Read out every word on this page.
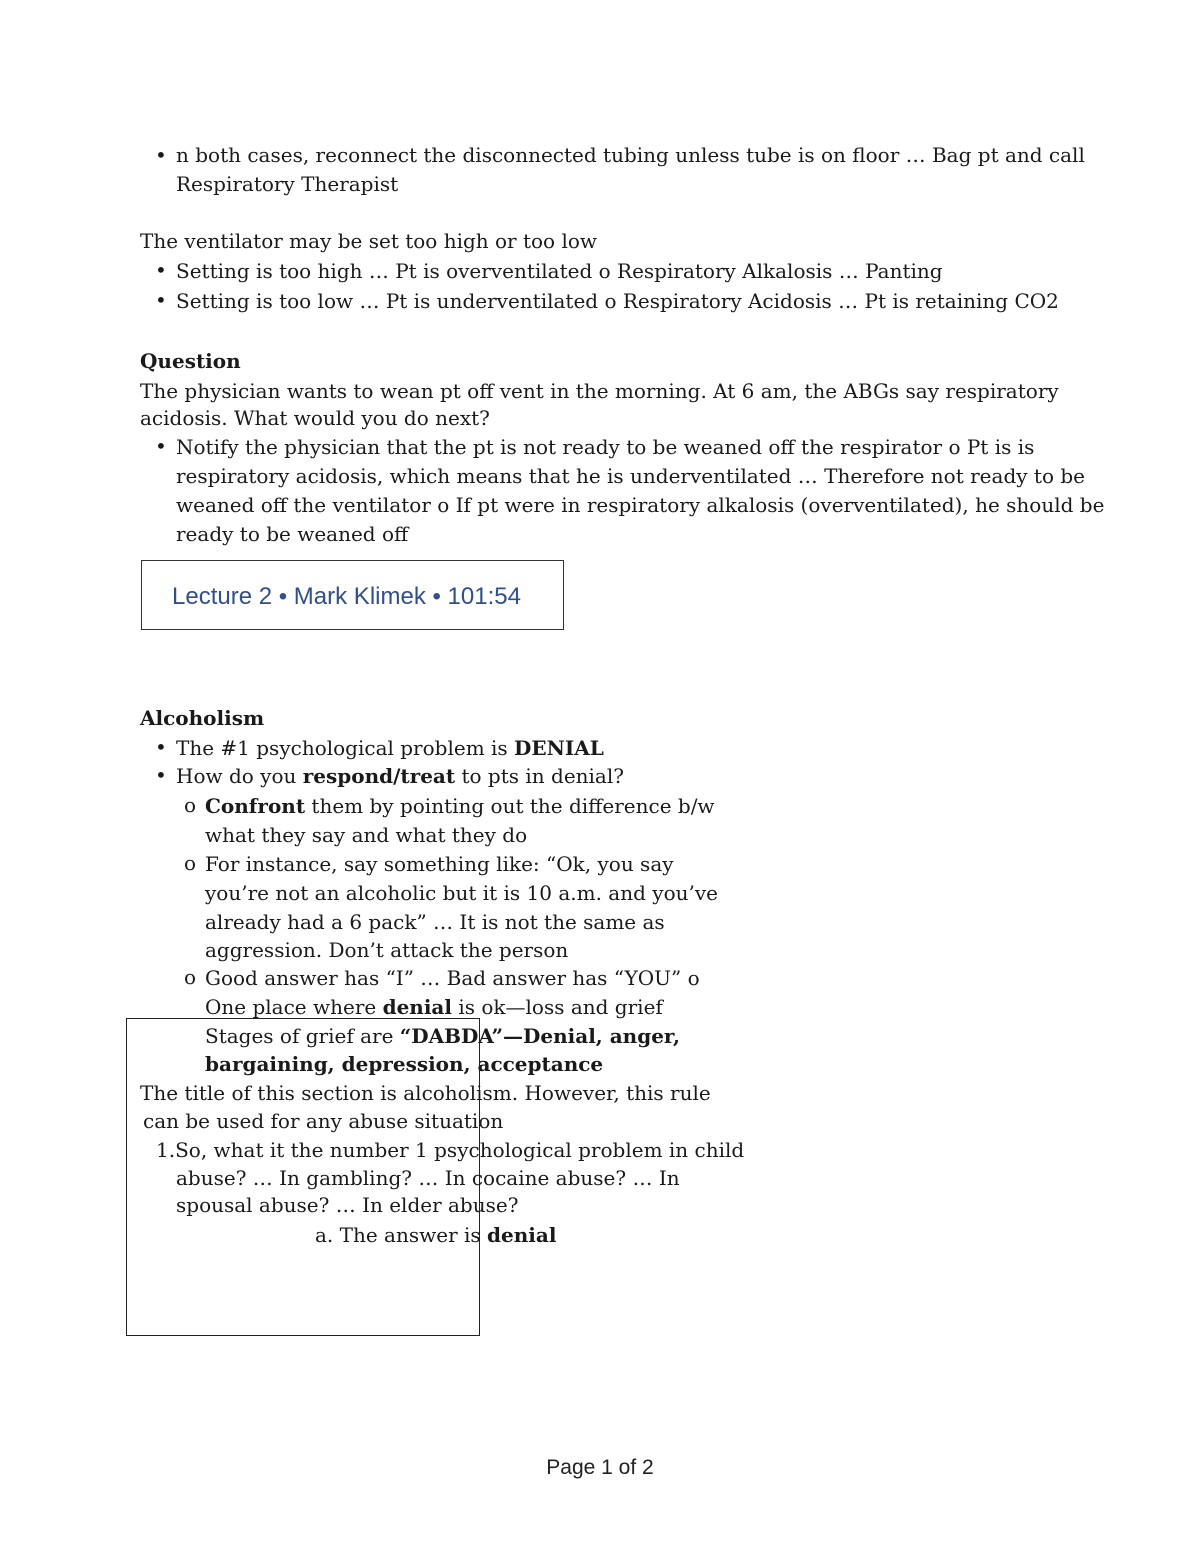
• n both cases, reconnect the disconnected tubing unless tube is on floor … Bag pt and call
Respiratory Therapist
The ventilator may be set too high or too low
• Setting is too high … Pt is overventilated o Respiratory Alkalosis … Panting
• Setting is too low … Pt is underventilated o Respiratory Acidosis … Pt is retaining CO2
Question
The physician wants to wean pt off vent in the morning. At 6 am, the ABGs say respiratory
acidosis. What would you do next?
• Notify the physician that the pt is not ready to be weaned off the respirator o Pt is is
respiratory acidosis, which means that he is underventilated … Therefore not ready to be
weaned off the ventilator o If pt were in respiratory alkalosis (overventilated), he should be
ready to be weaned off
Lecture 2 • Mark Klimek • 101:54
Alcoholism
• The #1 psychological problem is DENIAL
• How do you respond/treat to pts in denial?
o Confront them by pointing out the difference b/w
what they say and what they do
o For instance, say something like: “Ok, you say
you’re not an alcoholic but it is 10 a.m. and you’ve
already had a 6 pack” … It is not the same as
aggression. Don’t attack the person
o Good answer has “I” … Bad answer has “YOU” o
One place where denial is ok—loss and grief
Stages of grief are “DABDA”—Denial, anger,
bargaining, depression, acceptance
The title of this section is alcoholism. However, this rule
can be used for any abuse situation
1.So, what it the number 1 psychological problem in child
abuse? … In gambling? … In cocaine abuse? … In
spousal abuse? … In elder abuse?
a. The answer is denial
Page 1 of 2
